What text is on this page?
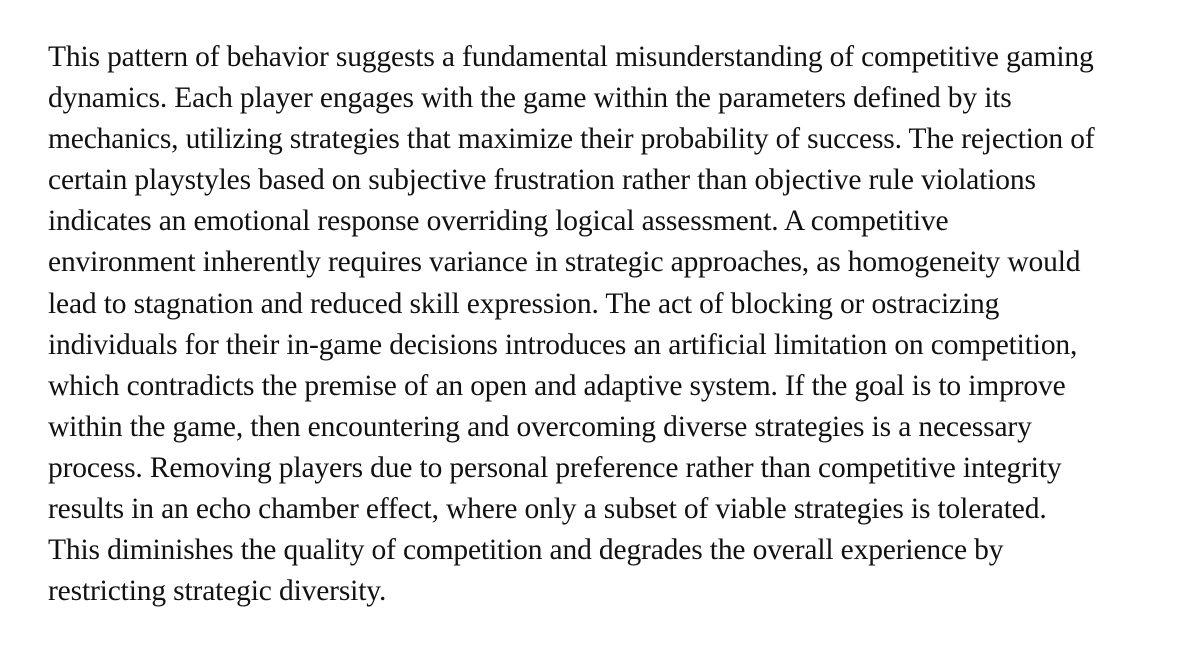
This pattern of behavior suggests a fundamental misunderstanding of competitive gaming
dynamics. Each player engages with the game within the parameters defined by its
mechanics, utilizing strategies that maximize their probability of success. The rejection of
certain playstyles based on subjective frustration rather than objective rule violations
indicates an emotional response overriding logical assessment. A competitive
environment inherently requires variance in strategic approaches, as homogeneity would
lead to stagnation and reduced skill expression. The act of blocking or ostracizing
individuals for their in-game decisions introduces an artificial limitation on competition,
which contradicts the premise of an open and adaptive system. If the goal is to improve
within the game, then encountering and overcoming diverse strategies is a necessary
process. Removing players due to personal preference rather than competitive integrity
results in an echo chamber effect, where only a subset of viable strategies is tolerated.
This diminishes the quality of competition and degrades the overall experience by
restricting strategic diversity.
